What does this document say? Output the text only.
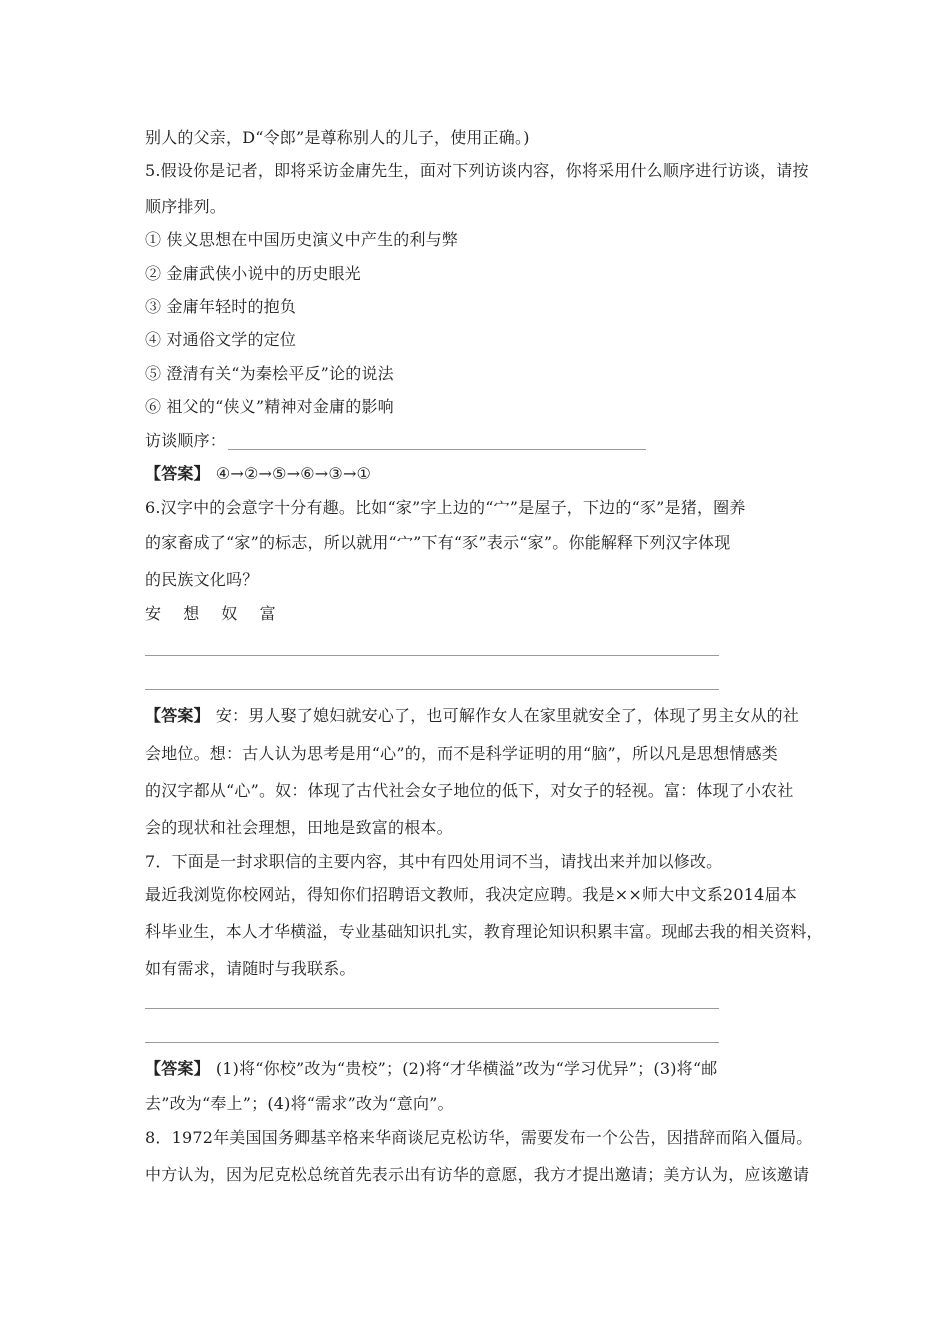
别人的父亲，D“令郎”是尊称别人的儿子，使用正确。)
5.假设你是记者，即将采访金庸先生，面对下列访谈内容，你将采用什么顺序进行访谈，请按
顺序排列。
① 侠义思想在中国历史演义中产生的利与弊
② 金庸武侠小说中的历史眼光
③ 金庸年轻时的抱负
④ 对通俗文学的定位
⑤ 澄清有关“为秦桧平反”论的说法
⑥ 祖父的“侠义”精神对金庸的影响
访谈顺序：
【答案】 ④→②→⑤→⑥→③→①
6.汉字中的会意字十分有趣。比如“家”字上边的“宀”是屋子，下边的“豕”是猪，圈养
的家畜成了“家”的标志，所以就用“宀”下有“豕”表示“家”。你能解释下列汉字体现
的民族文化吗？
安 想 奴 富
【答案】 安：男人娶了媳妇就安心了，也可解作女人在家里就安全了，体现了男主女从的社
会地位。想：古人认为思考是用“心”的，而不是科学证明的用“脑”，所以凡是思想情感类
的汉字都从“心”。奴：体现了古代社会女子地位的低下，对女子的轻视。富：体现了小农社
会的现状和社会理想，田地是致富的根本。
7．下面是一封求职信的主要内容，其中有四处用词不当，请找出来并加以修改。
最近我浏览你校网站，得知你们招聘语文教师，我决定应聘。我是××师大中文系2014届本
科毕业生，本人才华横溢，专业基础知识扎实，教育理论知识积累丰富。现邮去我的相关资料，
如有需求，请随时与我联系。
【答案】 (1)将“你校”改为“贵校”；(2)将“才华横溢”改为“学习优异”；(3)将“邮
去”改为“奉上”；(4)将“需求”改为“意向”。
8．1972年美国国务卿基辛格来华商谈尼克松访华，需要发布一个公告，因措辞而陷入僵局。
中方认为，因为尼克松总统首先表示出有访华的意愿，我方才提出邀请；美方认为，应该邀请
